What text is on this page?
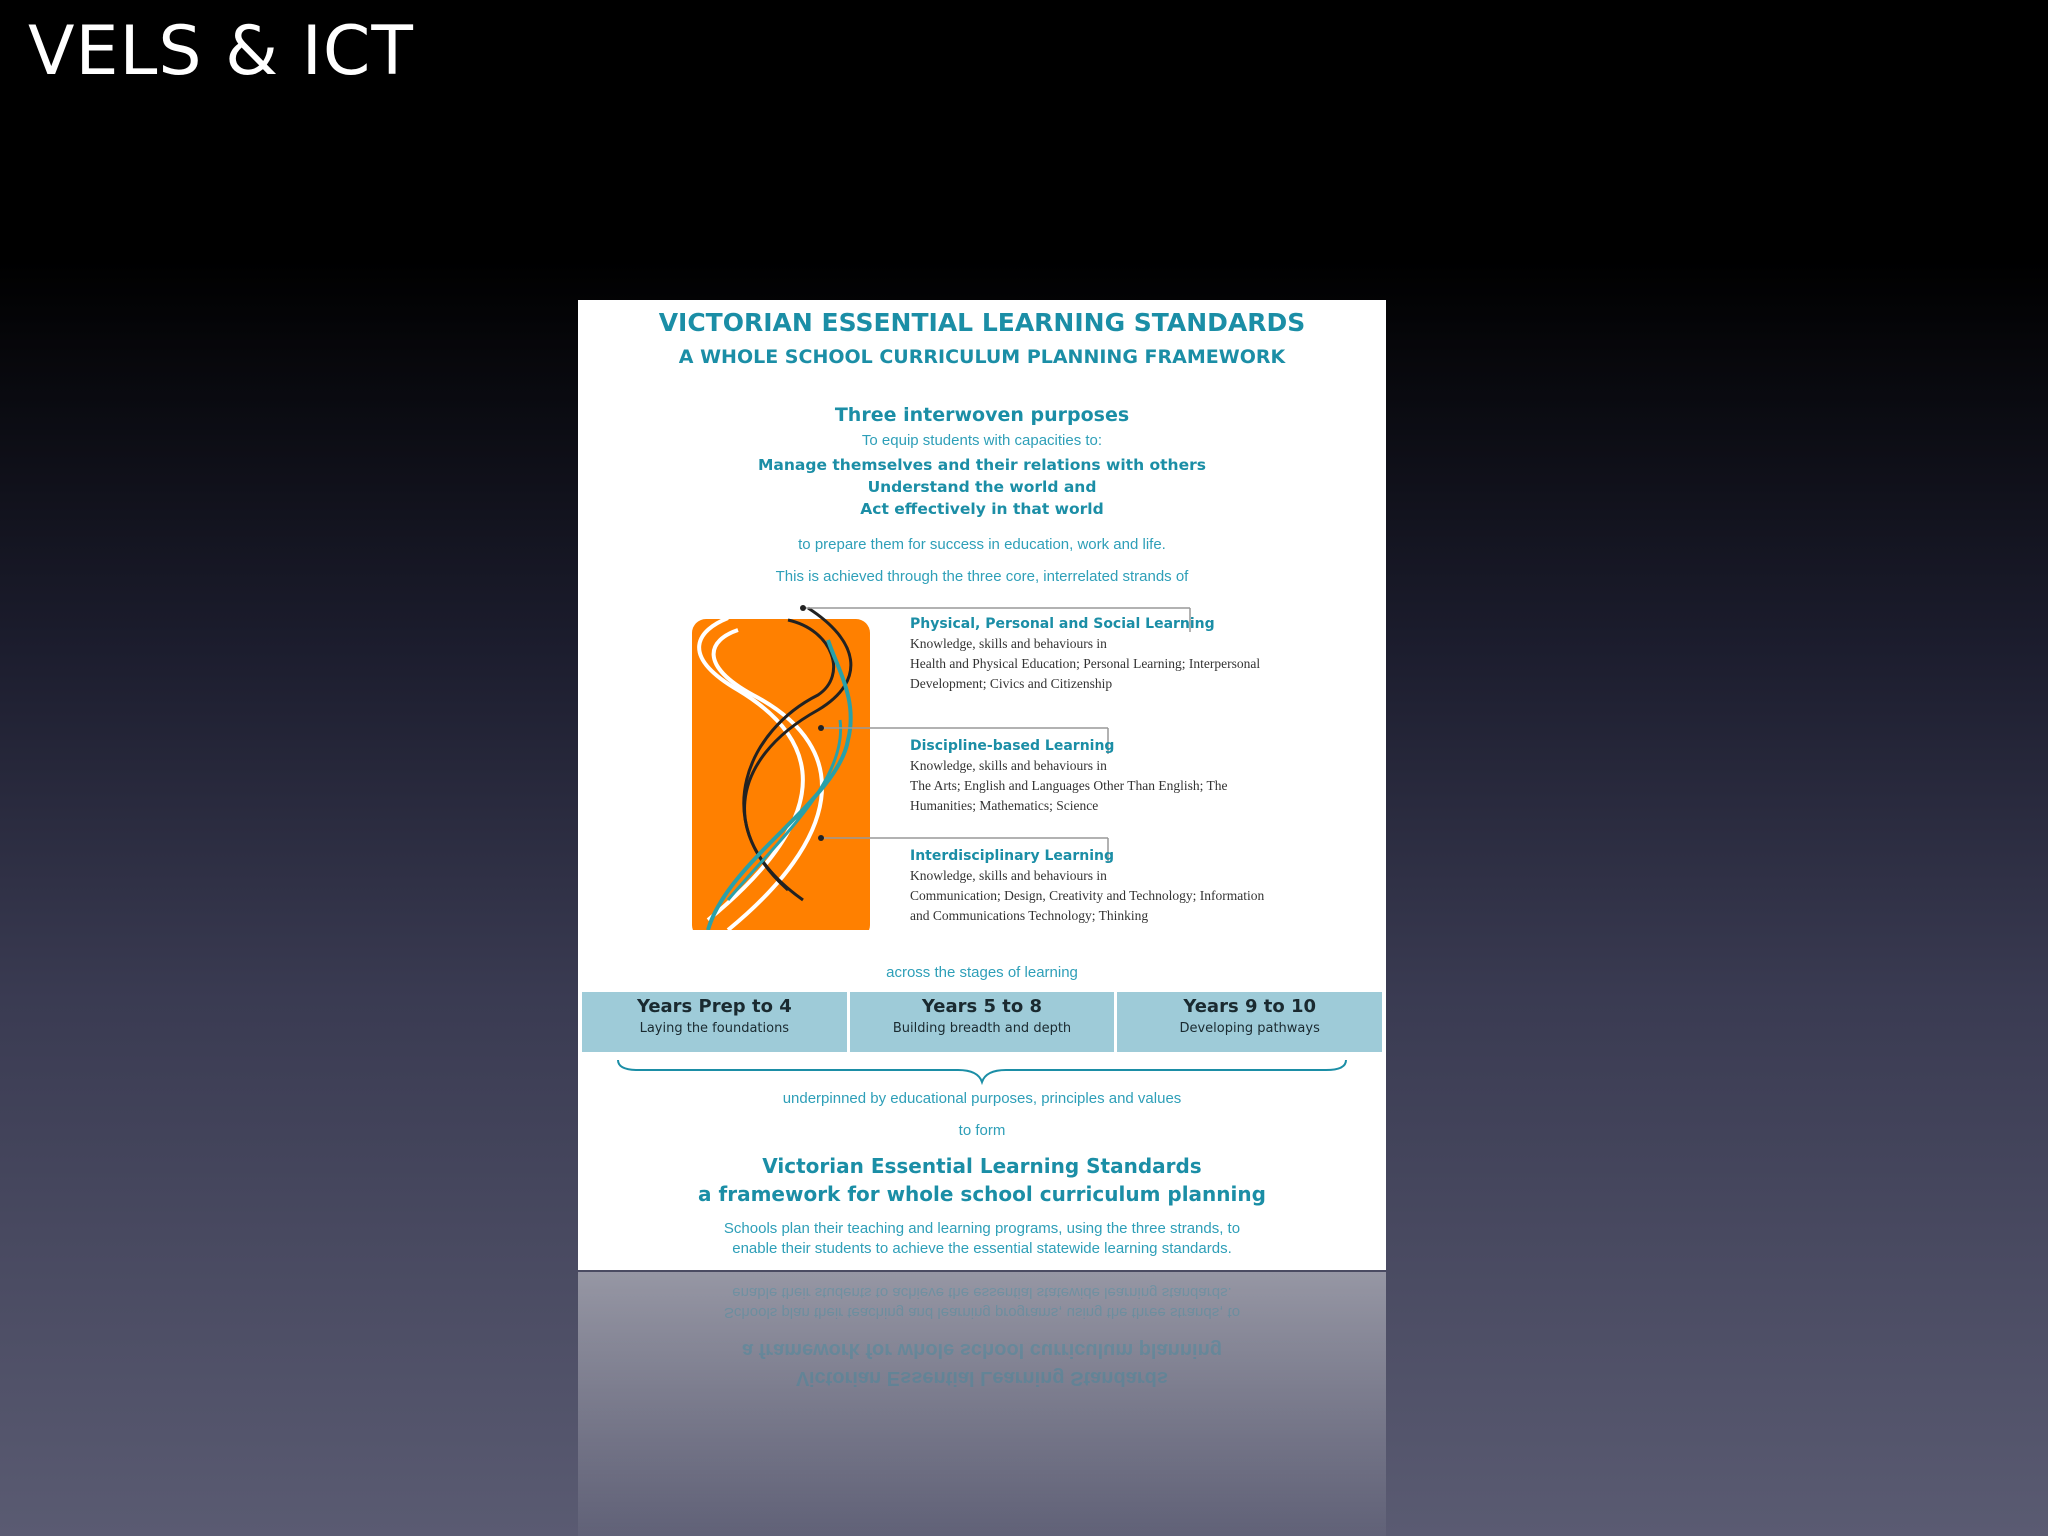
VELS & ICT
VICTORIAN ESSENTIAL LEARNING STANDARDS
A WHOLE SCHOOL CURRICULUM PLANNING FRAMEWORK
Three interwoven purposes
To equip students with capacities to:
Manage themselves and their relations with others
Understand the world and
Act effectively in that world
to prepare them for success in education, work and life.
This is achieved through the three core, interrelated strands of
Physical, Personal and Social Learning
Knowledge, skills and behaviours in
Health and Physical Education; Personal Learning; Interpersonal
Development; Civics and Citizenship
Discipline-based Learning
Knowledge, skills and behaviours in
The Arts; English and Languages Other Than English; The
Humanities; Mathematics; Science
Interdisciplinary Learning
Knowledge, skills and behaviours in
Communication; Design, Creativity and Technology; Information
and Communications Technology; Thinking
across the stages of learning
Years Prep to 4
Laying the foundations
Years 5 to 8
Building breadth and depth
Years 9 to 10
Developing pathways
underpinned by educational purposes, principles and values
to form
Victorian Essential Learning Standards
a framework for whole school curriculum planning
Schools plan their teaching and learning programs, using the three strands, to
enable their students to achieve the essential statewide learning standards.
enable their students to achieve the essential statewide learning standards.
Schools plan their teaching and learning programs, using the three strands, to
a framework for whole school curriculum planning
Victorian Essential Learning Standards
